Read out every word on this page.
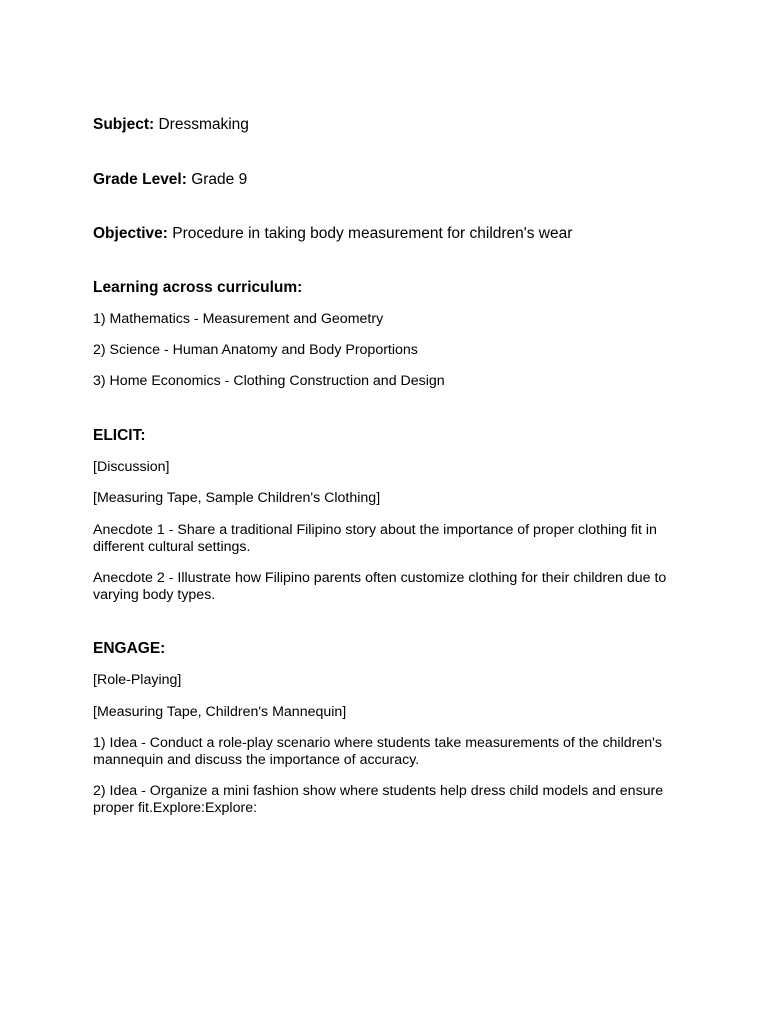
Subject: Dressmaking

Grade Level: Grade 9

Objective: Procedure in taking body measurement for children's wear

Learning across curriculum:

1) Mathematics - Measurement and Geometry

2) Science - Human Anatomy and Body Proportions

3) Home Economics - Clothing Construction and Design

ELICIT:

[Discussion]

[Measuring Tape, Sample Children's Clothing]

Anecdote 1 - Share a traditional Filipino story about the importance of proper clothing fit in different cultural settings.

Anecdote 2 - Illustrate how Filipino parents often customize clothing for their children due to varying body types.

ENGAGE:

[Role-Playing]

[Measuring Tape, Children's Mannequin]

1) Idea - Conduct a role-play scenario where students take measurements of the children's mannequin and discuss the importance of accuracy.

2) Idea - Organize a mini fashion show where students help dress child models and ensure proper fit.Explore:Explore:
